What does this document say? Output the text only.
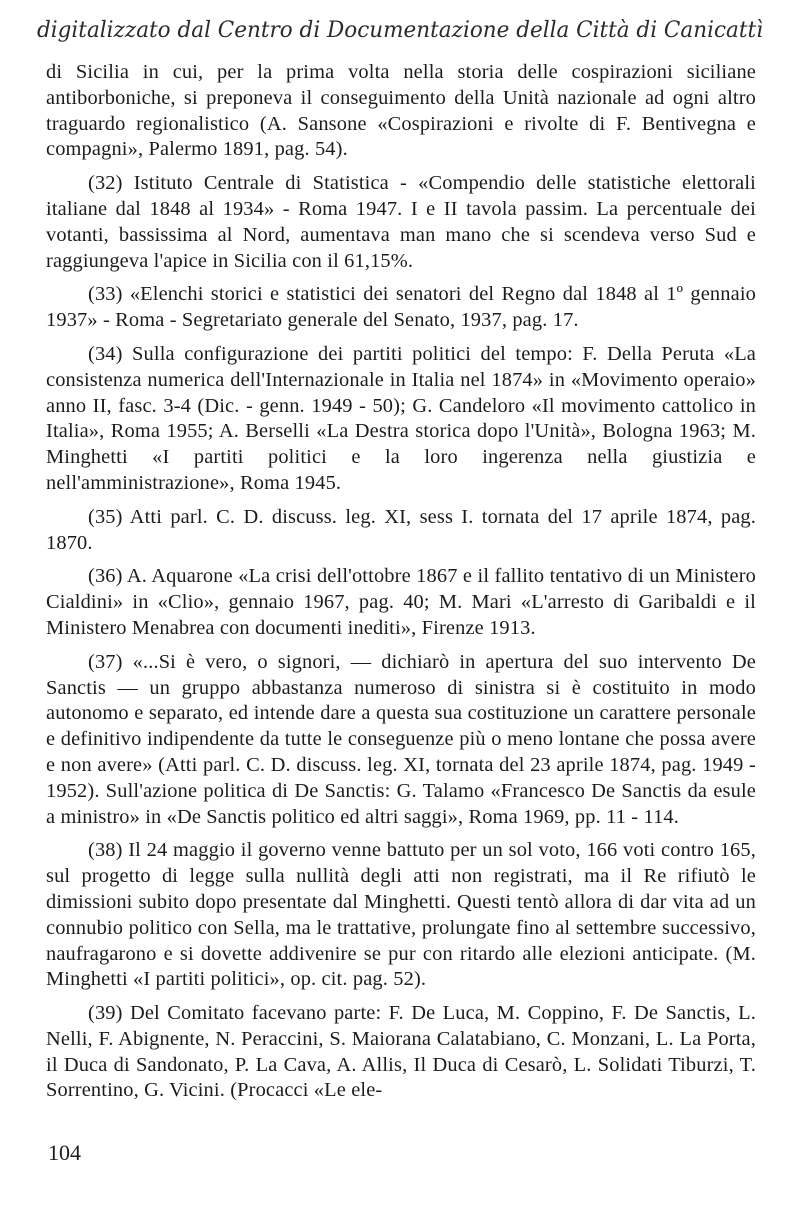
digitalizzato dal Centro di Documentazione della Città di Canicattì

di Sicilia in cui, per la prima volta nella storia delle cospirazioni siciliane antiborboniche, si preponeva il conseguimento della Unità nazionale ad ogni altro traguardo regionalistico (A. Sansone «Cospirazioni e rivolte di F. Bentivegna e compagni», Palermo 1891, pag. 54).

(32) Istituto Centrale di Statistica - «Compendio delle statistiche elettorali italiane dal 1848 al 1934» - Roma 1947. I e II tavola passim. La percentuale dei votanti, bassissima al Nord, aumentava man mano che si scendeva verso Sud e raggiungeva l'apice in Sicilia con il 61,15%.

(33) «Elenchi storici e statistici dei senatori del Regno dal 1848 al 1º gennaio 1937» - Roma - Segretariato generale del Senato, 1937, pag. 17.

(34) Sulla configurazione dei partiti politici del tempo: F. Della Peruta «La consistenza numerica dell'Internazionale in Italia nel 1874» in «Movimento operaio» anno II, fasc. 3-4 (Dic. - genn. 1949 - 50); G. Candeloro «Il movimento cattolico in Italia», Roma 1955; A. Berselli «La Destra storica dopo l'Unità», Bologna 1963; M. Minghetti «I partiti politici e la loro ingerenza nella giustizia e nell'amministrazione», Roma 1945.

(35) Atti parl. C. D. discuss. leg. XI, sess I. tornata del 17 aprile 1874, pag. 1870.

(36) A. Aquarone «La crisi dell'ottobre 1867 e il fallito tentativo di un Ministero Cialdini» in «Clio», gennaio 1967, pag. 40; M. Mari «L'arresto di Garibaldi e il Ministero Menabrea con documenti inediti», Firenze 1913.

(37) «...Si è vero, o signori, — dichiarò in apertura del suo intervento De Sanctis — un gruppo abbastanza numeroso di sinistra si è costituito in modo autonomo e separato, ed intende dare a questa sua costituzione un carattere personale e definitivo indipendente da tutte le conseguenze più o meno lontane che possa avere e non avere» (Atti parl. C. D. discuss. leg. XI, tornata del 23 aprile 1874, pag. 1949 - 1952). Sull'azione politica di De Sanctis: G. Talamo «Francesco De Sanctis da esule a ministro» in «De Sanctis politico ed altri saggi», Roma 1969, pp. 11 - 114.

(38) Il 24 maggio il governo venne battuto per un sol voto, 166 voti contro 165, sul progetto di legge sulla nullità degli atti non registrati, ma il Re rifiutò le dimissioni subito dopo presentate dal Minghetti. Questi tentò allora di dar vita ad un connubio politico con Sella, ma le trattative, prolungate fino al settembre successivo, naufragarono e si dovette addivenire se pur con ritardo alle elezioni anticipate. (M. Minghetti «I partiti politici», op. cit. pag. 52).

(39) Del Comitato facevano parte: F. De Luca, M. Coppino, F. De Sanctis, L. Nelli, F. Abignente, N. Peraccini, S. Maiorana Calatabiano, C. Monzani, L. La Porta, il Duca di Sandonato, P. La Cava, A. Allis, Il Duca di Cesarò, L. Solidati Tiburzi, T. Sorrentino, G. Vicini. (Procacci «Le ele-

104
